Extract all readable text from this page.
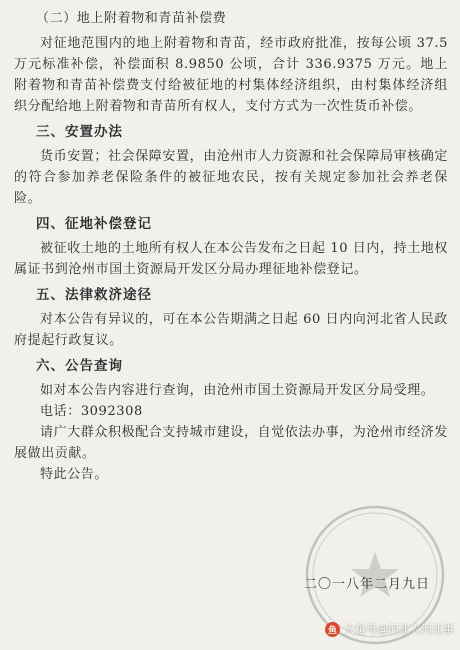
（二）地上附着物和青苗补偿费

对征地范围内的地上附着物和青苗，经市政府批准，按每公顷 37.5 万元标准补偿，补偿面积 8.9850 公顷，合计 336.9375 万元。地上附着物和青苗补偿费支付给被征地的村集体经济组织，由村集体经济组织分配给地上附着物和青苗所有权人，支付方式为一次性货币补偿。

三、安置办法

货币安置；社会保障安置，由沧州市人力资源和社会保障局审核确定的符合参加养老保险条件的被征地农民，按有关规定参加社会养老保险。

四、征地补偿登记

被征收土地的土地所有权人在本公告发布之日起 10 日内，持土地权属证书到沧州市国土资源局开发区分局办理征地补偿登记。

五、法律救济途径

对本公告有异议的，可在本公告期满之日起 60 日内向河北省人民政府提起行政复议。

六、公告查询

如对本公告内容进行查询，由沧州市国土资源局开发区分局受理。

电话：3092308

请广大群众积极配合支持城市建设，自觉依法办事，为沧州市经济发展做出贡献。

特此公告。

二〇一八年二月九日
鱼 大鱼号@河北人河北事
